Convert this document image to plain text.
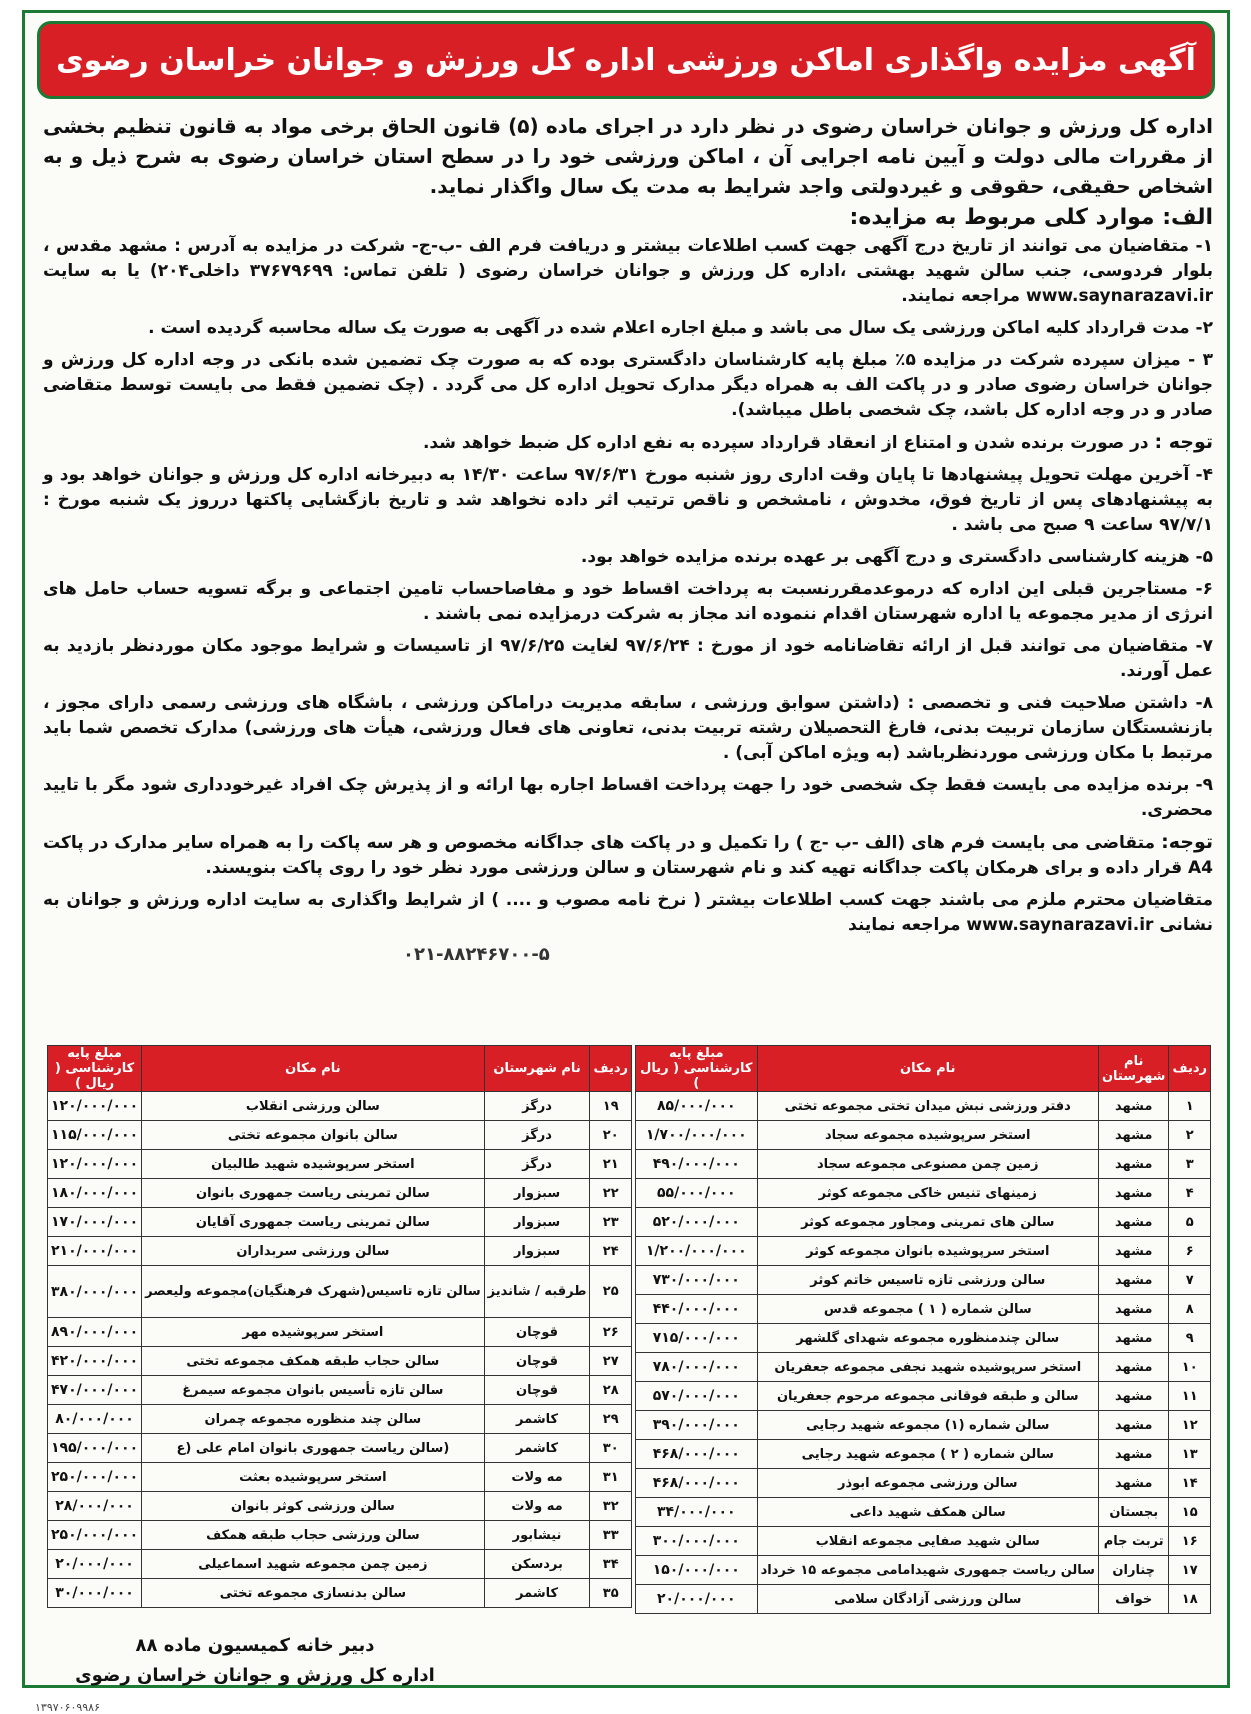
آگهی مزایده واگذاری اماکن ورزشی اداره کل ورزش و جوانان خراسان رضوی

اداره کل ورزش و جوانان خراسان رضوی در نظر دارد در اجرای ماده (۵) قانون الحاق برخی مواد به قانون تنظیم بخشی از مقررات مالی دولت و آیین نامه اجرایی آن ، اماکن ورزشی خود را در سطح استان خراسان رضوی به شرح ذیل و به اشخاص حقیقی، حقوقی و غیردولتی واجد شرایط به مدت یک سال واگذار نماید.

الف: موارد کلی مربوط به مزایده:

۱- متقاضیان می توانند از تاریخ درج آگهی جهت کسب اطلاعات بیشتر و دریافت فرم الف -ب-ج- شرکت در مزایده به آدرس : مشهد مقدس ، بلوار فردوسی، جنب سالن شهید بهشتی ،اداره کل ورزش و جوانان خراسان رضوی ( تلفن تماس: ۳۷۶۷۹۶۹۹ داخلی۲۰۴) یا به سایت www.saynarazavi.ir مراجعه نمایند.

۲- مدت قرارداد کلیه اماکن ورزشی یک سال می باشد و مبلغ اجاره اعلام شده در آگهی به صورت یک ساله محاسبه گردیده است .

۳ - میزان سپرده شرکت در مزایده ۵٪ مبلغ پایه کارشناسان دادگستری بوده که به صورت چک تضمین شده بانکی در وجه اداره کل ورزش و جوانان خراسان رضوی صادر و در پاکت الف به همراه دیگر مدارک تحویل اداره کل می گردد . (چک تضمین فقط می بایست توسط متقاضی صادر و در وجه اداره کل باشد، چک شخصی باطل میباشد).

توجه : در صورت برنده شدن و امتناع از انعقاد قرارداد سپرده به نفع اداره کل ضبط خواهد شد.

۴- آخرین مهلت تحویل پیشنهادها تا پایان وقت اداری روز شنبه مورخ ۹۷/۶/۳۱ ساعت ۱۴/۳۰ به دبیرخانه اداره کل ورزش و جوانان خواهد بود و به پیشنهادهای پس از تاریخ فوق، مخدوش ، نامشخص و ناقص ترتیب اثر داده نخواهد شد و تاریخ بازگشایی پاکتها درروز یک شنبه مورخ : ۹۷/۷/۱ ساعت ۹ صبح می باشد .

۵- هزینه کارشناسی دادگستری و درج آگهی بر عهده برنده مزایده خواهد بود.

۶- مستاجرین قبلی این اداره که درموعدمقررنسبت به پرداخت اقساط خود و مفاصاحساب تامین اجتماعی و برگه تسویه حساب حامل های انرژی از مدیر مجموعه یا اداره شهرستان اقدام ننموده اند مجاز به شرکت درمزایده نمی باشند .

۷- متقاضیان می توانند قبل از ارائه تقاضانامه خود از مورخ : ۹۷/۶/۲۴ لغایت ۹۷/۶/۲۵ از تاسیسات و شرایط موجود مکان موردنظر بازدید به عمل آورند.

۸- داشتن صلاحیت فنی و تخصصی : (داشتن سوابق ورزشی ، سابقه مدیریت دراماکن ورزشی ، باشگاه های ورزشی رسمی دارای مجوز ، بازنشستگان سازمان تربیت بدنی، فارغ التحصیلان رشته تربیت بدنی، تعاونی های فعال ورزشی، هیأت های ورزشی) مدارک تخصص شما باید مرتبط با مکان ورزشی موردنظرباشد (به ویژه اماکن آبی) .

۹- برنده مزایده می بایست فقط چک شخصی خود را جهت پرداخت اقساط اجاره بها ارائه و از پذیرش چک افراد غیرخودداری شود مگر با تایید محضری.

توجه: متقاضی می بایست فرم های (الف -ب -ج ) را تکمیل و در پاکت های جداگانه مخصوص و هر سه پاکت را به همراه سایر مدارک در پاکت A4 قرار داده و برای هرمکان پاکت جداگانه تهیه کند و نام شهرستان و سالن ورزشی مورد نظر خود را روی پاکت بنویسند.

متقاضیان محترم ملزم می باشند جهت کسب اطلاعات بیشتر ( نرخ نامه مصوب و .... ) از شرایط واگذاری به سایت اداره ورزش و جوانان به نشانی www.saynarazavi.ir مراجعه نمایند

۰۲۱-۸۸۲۴۶۷۰۰-۵

ردیف	نام شهرستان	نام مکان	مبلغ پایه کارشناسی ( ریال )
۱	مشهد	دفتر ورزشی نبش میدان تختی مجموعه تختی	۸۵/۰۰۰/۰۰۰
۲	مشهد	استخر سرپوشیده مجموعه سجاد	۱/۷۰۰/۰۰۰/۰۰۰
۳	مشهد	زمین چمن مصنوعی مجموعه سجاد	۴۹۰/۰۰۰/۰۰۰
۴	مشهد	زمینهای تنیس خاکی مجموعه کوثر	۵۵/۰۰۰/۰۰۰
۵	مشهد	سالن های تمرینی ومجاور مجموعه کوثر	۵۲۰/۰۰۰/۰۰۰
۶	مشهد	استخر سرپوشیده بانوان مجموعه کوثر	۱/۲۰۰/۰۰۰/۰۰۰
۷	مشهد	سالن ورزشی تازه تاسیس خاتم کوثر	۷۳۰/۰۰۰/۰۰۰
۸	مشهد	سالن شماره ( ۱ ) مجموعه قدس	۴۴۰/۰۰۰/۰۰۰
۹	مشهد	سالن چندمنظوره مجموعه شهدای گلشهر	۷۱۵/۰۰۰/۰۰۰
۱۰	مشهد	استخر سرپوشیده شهید نجفی مجموعه جعفریان	۷۸۰/۰۰۰/۰۰۰
۱۱	مشهد	سالن و طبقه فوقانی مجموعه مرحوم جعفریان	۵۷۰/۰۰۰/۰۰۰
۱۲	مشهد	سالن شماره (۱) مجموعه شهید رجایی	۳۹۰/۰۰۰/۰۰۰
۱۳	مشهد	سالن شماره ( ۲ ) مجموعه شهید رجایی	۴۶۸/۰۰۰/۰۰۰
۱۴	مشهد	سالن ورزشی مجموعه ابوذر	۴۶۸/۰۰۰/۰۰۰
۱۵	بجستان	سالن همکف شهید داعی	۳۴/۰۰۰/۰۰۰
۱۶	تربت جام	سالن شهید صفایی مجموعه انقلاب	۳۰۰/۰۰۰/۰۰۰
۱۷	چناران	سالن ریاست جمهوری شهیدامامی مجموعه ۱۵ خرداد	۱۵۰/۰۰۰/۰۰۰
۱۸	خواف	سالن ورزشی آزادگان سلامی	۲۰/۰۰۰/۰۰۰
ردیف	نام شهرستان	نام مکان	مبلغ پایه کارشناسی ( ریال )
۱۹	درگز	سالن ورزشی انقلاب	۱۲۰/۰۰۰/۰۰۰
۲۰	درگز	سالن بانوان مجموعه تختی	۱۱۵/۰۰۰/۰۰۰
۲۱	درگز	استخر سرپوشیده شهید طالبیان	۱۲۰/۰۰۰/۰۰۰
۲۲	سبزوار	سالن تمرینی ریاست جمهوری بانوان	۱۸۰/۰۰۰/۰۰۰
۲۳	سبزوار	سالن تمرینی ریاست جمهوری آقایان	۱۷۰/۰۰۰/۰۰۰
۲۴	سبزوار	سالن ورزشی سربداران	۲۱۰/۰۰۰/۰۰۰
۲۵	طرقبه / شاندیز	سالن تازه تاسیس(شهرک فرهنگیان)مجموعه ولیعصر	۳۸۰/۰۰۰/۰۰۰
۲۶	قوچان	استخر سرپوشیده مهر	۸۹۰/۰۰۰/۰۰۰
۲۷	قوچان	سالن حجاب طبقه همکف مجموعه تختی	۴۲۰/۰۰۰/۰۰۰
۲۸	قوچان	سالن تازه تأسیس بانوان مجموعه سیمرغ	۴۷۰/۰۰۰/۰۰۰
۲۹	کاشمر	سالن چند منظوره مجموعه چمران	۸۰/۰۰۰/۰۰۰
۳۰	کاشمر	(سالن ریاست جمهوری بانوان امام علی (ع	۱۹۵/۰۰۰/۰۰۰
۳۱	مه ولات	استخر سرپوشیده بعثت	۲۵۰/۰۰۰/۰۰۰
۳۲	مه ولات	سالن ورزشی کوثر بانوان	۲۸/۰۰۰/۰۰۰
۳۳	نیشابور	سالن ورزشی حجاب طبقه همکف	۲۵۰/۰۰۰/۰۰۰
۳۴	بردسکن	زمین چمن مجموعه شهید اسماعیلی	۲۰/۰۰۰/۰۰۰
۳۵	کاشمر	سالن بدنسازی مجموعه تختی	۳۰/۰۰۰/۰۰۰
دبیر خانه کمیسیون ماده ۸۸
اداره کل ورزش و جوانان خراسان رضوی
۱۳۹۷۰۶۰۹۹۸۶
